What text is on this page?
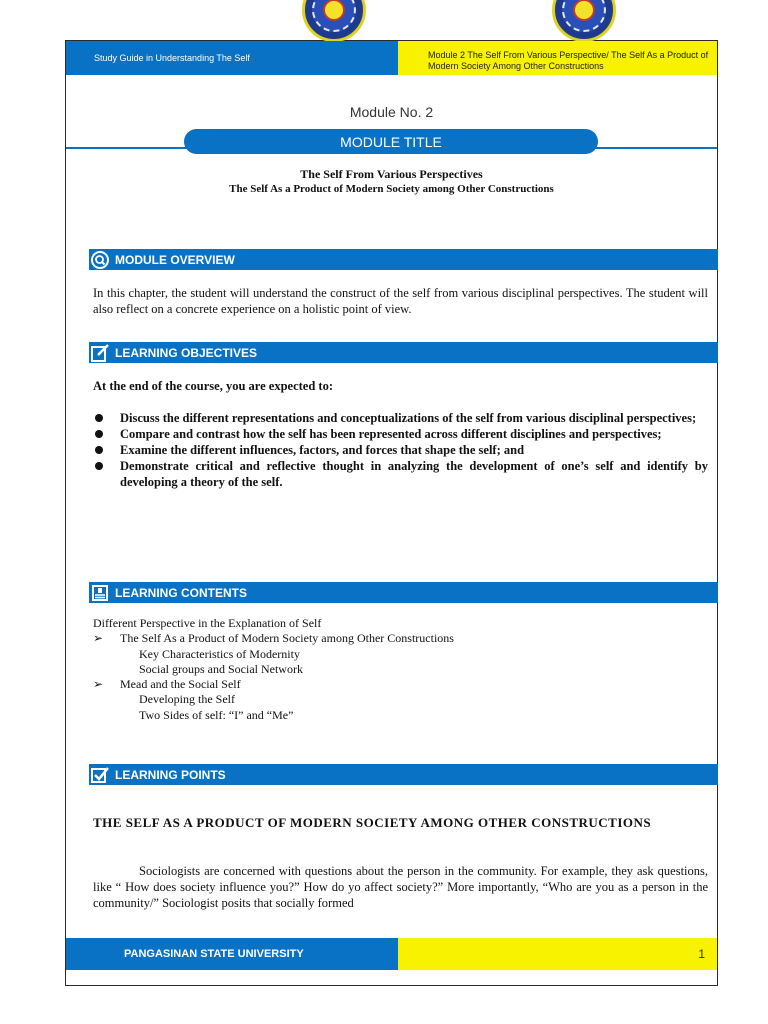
Study Guide in Understanding The Self	Module 2 The Self From Various Perspective/ The Self As a Product of Modern Society Among Other Constructions
Module No. 2
MODULE TITLE
The Self From Various Perspectives
The Self As a Product of Modern Society among Other Constructions
MODULE OVERVIEW
In this chapter, the student will understand the construct of the self from various disciplinal perspectives. The student will also reflect on a concrete experience on a holistic point of view.
LEARNING OBJECTIVES
At the end of the course, you are expected to:
Discuss the different representations and conceptualizations of the self from various disciplinal perspectives;
Compare and contrast how the self has been represented across different disciplines and perspectives;
Examine the different influences, factors, and forces that shape the self; and
Demonstrate critical and reflective thought in analyzing the development of one’s self and identify by developing a theory of the self.
LEARNING CONTENTS
Different Perspective in the Explanation of Self
➢ The Self As a Product of Modern Society among Other Constructions
Key Characteristics of Modernity
Social groups and Social Network
➢ Mead and the Social Self
Developing the Self
Two Sides of self: “I” and “Me”
LEARNING POINTS
THE SELF AS A PRODUCT OF MODERN SOCIETY AMONG OTHER CONSTRUCTIONS
Sociologists are concerned with questions about the person in the community. For example, they ask questions, like “ How does society influence you?” How do yo affect society?” More importantly, “Who are you as a person in the community/” Sociologist posits that socially formed
PANGASINAN STATE UNIVERSITY	1
